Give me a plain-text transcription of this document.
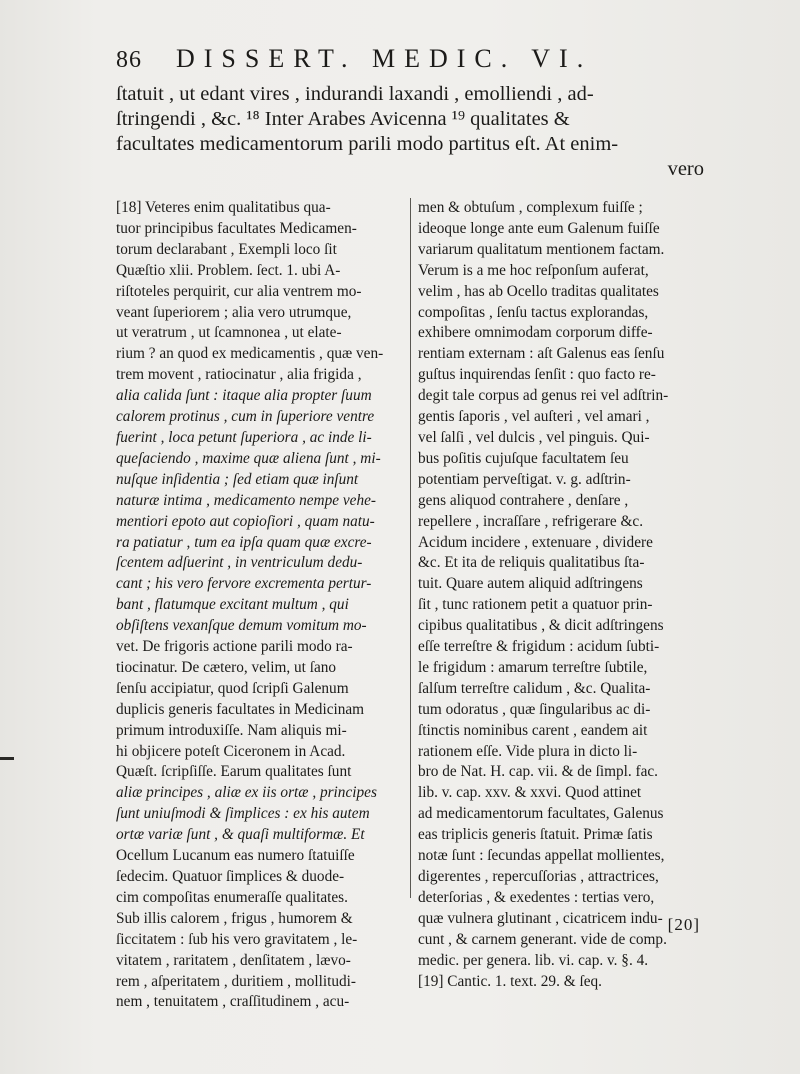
86 DISSERT. MEDIC. VI.
ſtatuit , ut edant vires , indurandi laxandi , emolliendi , ad-
ſtringendi , &c. ¹⁸ Inter Arabes Avicenna ¹⁹ qualitates &
facultates medicamentorum parili modo partitus eſt. At enim-
vero
[18] Veteres enim qualitatibus qua-
tuor principibus facultates Medicamen-
torum declarabant , Exempli loco ſit
Quæſtio xlii. Problem. ſect. 1. ubi A-
riſtoteles perquirit, cur alia ventrem mo-
veant ſuperiorem ; alia vero utrumque,
ut veratrum , ut ſcamnonea , ut elate-
rium ? an quod ex medicamentis , quæ ven-
trem movent , ratiocinatur , alia frigida ,
alia calida ſunt : itaque alia propter ſuum
calorem protinus , cum in ſuperiore ventre
fuerint , loca petunt ſuperiora , ac inde li-
queſaciendo , maxime quæ aliena ſunt , mi-
nuſque inſidentia ; ſed etiam quæ inſunt
naturæ intima , medicamento nempe vehe-
mentiori epoto aut copioſiori , quam natu-
ra patiatur , tum ea ipſa quam quæ excre-
ſcentem adſuerint , in ventriculum dedu-
cant ; his vero fervore excrementa pertur-
bant , flatumque excitant multum , qui
obſiſtens vexanſque demum vomitum mo-
vet. De frigoris actione parili modo ra-
tiocinatur. De cætero, velim, ut ſano
ſenſu accipiatur, quod ſcripſi Galenum
duplicis generis facultates in Medicinam
primum introduxiſſe. Nam aliquis mi-
hi objicere poteſt Ciceronem in Acad.
Quæſt. ſcripſiſſe. Earum qualitates ſunt
aliæ principes , aliæ ex iis ortæ , principes
ſunt uniuſmodi & ſimplices : ex his autem
ortæ variæ ſunt , & quaſi multiformæ. Et
Ocellum Lucanum eas numero ſtatuiſſe
ſedecim. Quatuor ſimplices & duode-
cim compoſitas enumeraſſe qualitates.
Sub illis calorem , frigus , humorem &
ſiccitatem : ſub his vero gravitatem , le-
vitatem , raritatem , denſitatem , lævo-
rem , aſperitatem , duritiem , mollitudi-
nem , tenuitatem , craſſitudinem , acu-
men & obtuſum , complexum fuiſſe ;
ideoque longe ante eum Galenum fuiſſe
variarum qualitatum mentionem factam.
Verum is a me hoc reſponſum auferat,
velim , has ab Ocello traditas qualitates
compoſitas , ſenſu tactus explorandas,
exhibere omnimodam corporum diffe-
rentiam externam : aſt Galenus eas ſenſu
guſtus inquirendas ſenſit : quo facto re-
degit tale corpus ad genus rei vel adſtrin-
gentis ſaporis , vel auſteri , vel amari ,
vel ſalſi , vel dulcis , vel pinguis. Qui-
bus poſitis cujuſque facultatem ſeu
potentiam perveſtigat. v. g. adſtrin-
gens aliquod contrahere , denſare ,
repellere , incraſſare , refrigerare &c.
Acidum incidere , extenuare , dividere
&c. Et ita de reliquis qualitatibus ſta-
tuit. Quare autem aliquid adſtringens
ſit , tunc rationem petit a quatuor prin-
cipibus qualitatibus , & dicit adſtringens
eſſe terreſtre & frigidum : acidum ſubti-
le frigidum : amarum terreſtre ſubtile,
ſalſum terreſtre calidum , &c. Qualita-
tum odoratus , quæ ſingularibus ac di-
ſtinctis nominibus carent , eandem ait
rationem eſſe. Vide plura in dicto li-
bro de Nat. H. cap. vii. & de ſimpl. fac.
lib. v. cap. xxv. & xxvi. Quod attinet
ad medicamentorum facultates, Galenus
eas triplicis generis ſtatuit. Primæ ſatis
notæ ſunt : ſecundas appellat mollientes,
digerentes , repercuſſorias , attractrices,
deterſorias , & exedentes : tertias vero,
quæ vulnera glutinant , cicatricem indu-
cunt , & carnem generant. vide de comp.
medic. per genera. lib. vi. cap. v. §. 4.
[19] Cantic. 1. text. 29. & ſeq.
[20]
